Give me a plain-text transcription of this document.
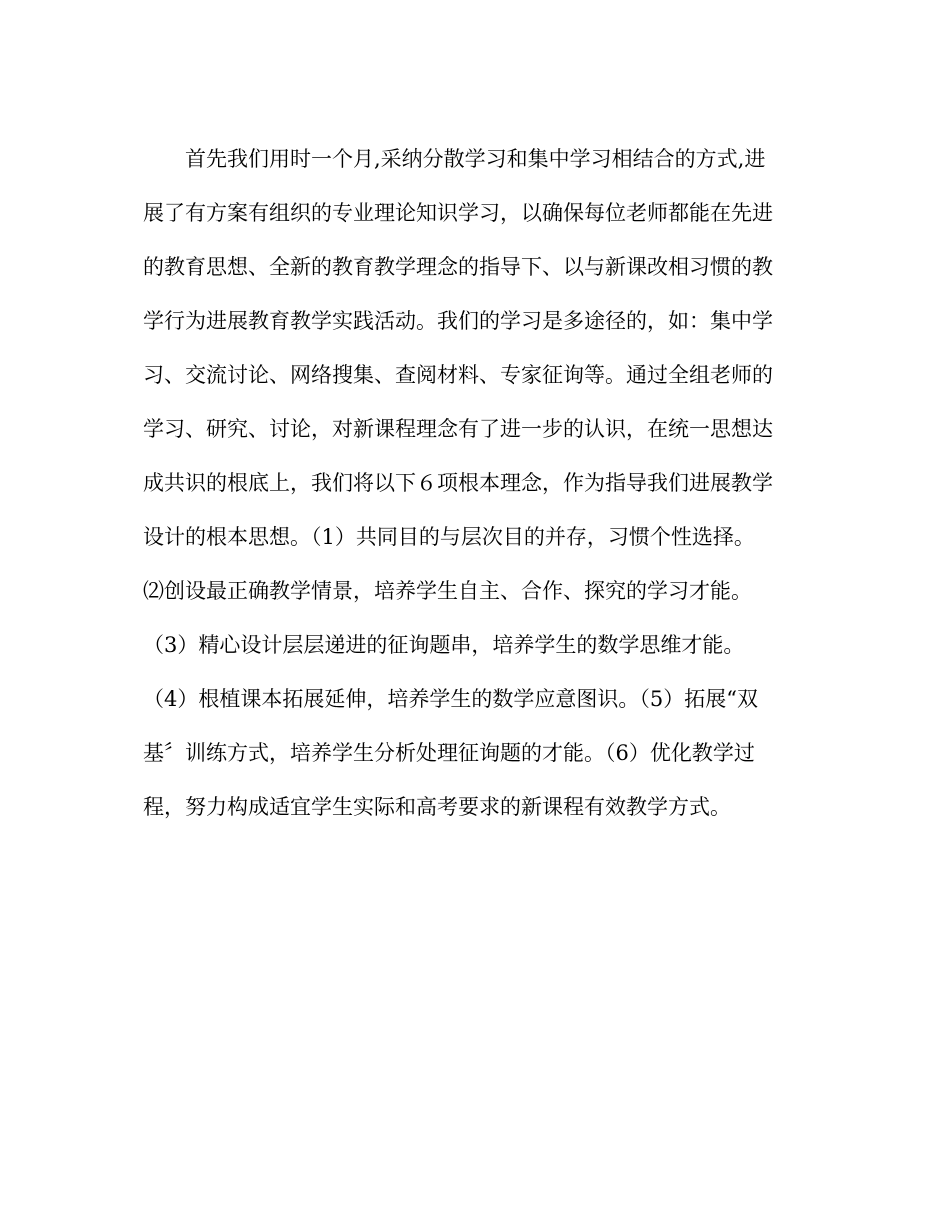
首先我们用时一个月,采纳分散学习和集中学习相结合的方式,进
展了有方案有组织的专业理论知识学习，以确保每位老师都能在先进
的教育思想、全新的教育教学理念的指导下、以与新课改相习惯的教
学行为进展教育教学实践活动。我们的学习是多途径的，如：集中学
习、交流讨论、网络搜集、查阅材料、专家征询等。通过全组老师的
学习、研究、讨论，对新课程理念有了进一步的认识，在统一思想达
成共识的根底上，我们将以下６项根本理念，作为指导我们进展教学
设计的根本思想。（1）共同目的与层次目的并存，习惯个性选择。
⑵创设最正确教学情景，培养学生自主、合作、探究的学习才能。
（3）精心设计层层递进的征询题串，培养学生的数学思维才能。
（4）根植课本拓展延伸，培养学生的数学应意图识。（5）拓展“双
基〞训练方式，培养学生分析处理征询题的才能。（6）优化教学过
程，努力构成适宜学生实际和高考要求的新课程有效教学方式。
